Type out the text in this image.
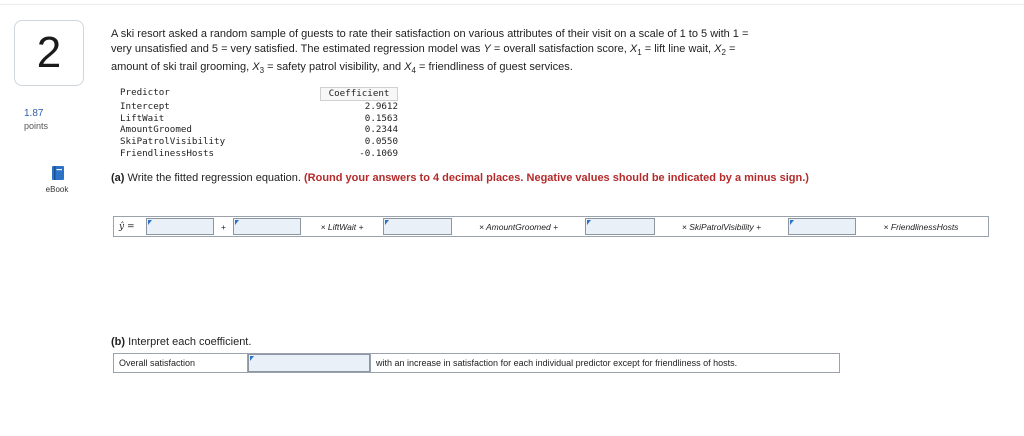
2
1.87
points
eBook
A ski resort asked a random sample of guests to rate their satisfaction on various attributes of their visit on a scale of 1 to 5 with 1 =
very unsatisfied and 5 = very satisfied. The estimated regression model was Y = overall satisfaction score, $X_1$ = lift line wait, $X_2$ =
amount of ski trail grooming, $X_3$ = safety patrol visibility, and $X_4$ = friendliness of guest services.
Predictor	Coefficient
Intercept	2.9612
LiftWait	0.1563
AmountGroomed	0.2344
SkiPatrolVisibility	0.0550
FriendlinessHosts	-0.1069
(a) Write the fitted regression equation. (Round your answers to 4 decimal places. Negative values should be indicated by a minus sign.)
ŷ =	+	× LiftWait +	× AmountGroomed +	× SkiPatrolVisibility +	× FriendlinessHosts
(b) Interpret each coefficient.
Overall satisfaction	with an increase in satisfaction for each individual predictor except for friendliness of hosts.
